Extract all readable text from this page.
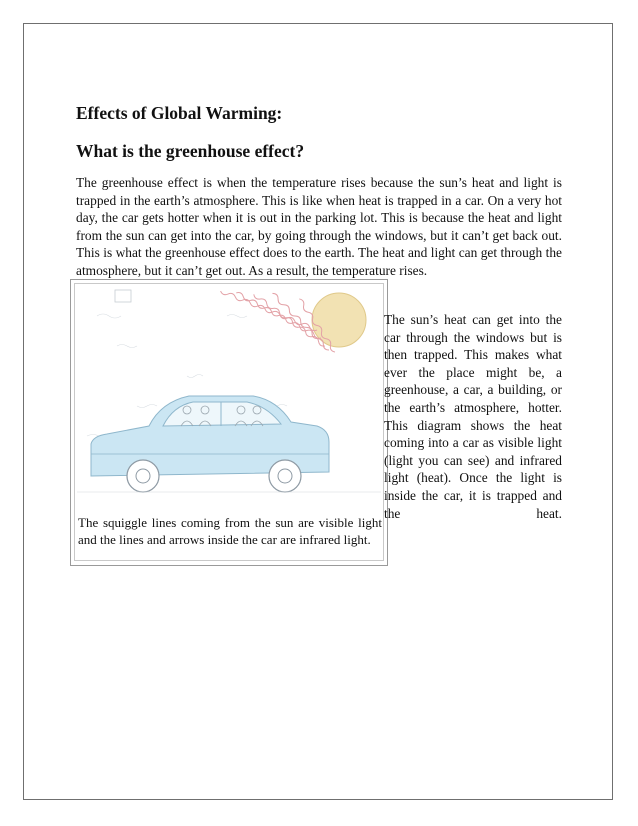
Effects of Global Warming:
What is the greenhouse effect?

The greenhouse effect is when the temperature rises because the sun’s heat and light is trapped in the earth’s atmosphere. This is like when heat is trapped in a car. On a very hot day, the car gets hotter when it is out in the parking lot. This is because the heat and light from the sun can get into the car, by going through the windows, but it can’t get back out. This is what the greenhouse effect does to the earth. The heat and light can get through the atmosphere, but it can’t get out. As a result, the temperature rises.

The squiggle lines coming from the sun are visible light and the lines and arrows inside the car are infrared light.

The sun’s heat can get into the car through the windows but is then trapped. This makes what ever the place might be, a greenhouse, a car, a building, or the earth’s atmosphere, hotter. This diagram shows the heat coming into a car as visible light (light you can see) and infrared light (heat). Once the light is inside the car, it is trapped and the heat.
